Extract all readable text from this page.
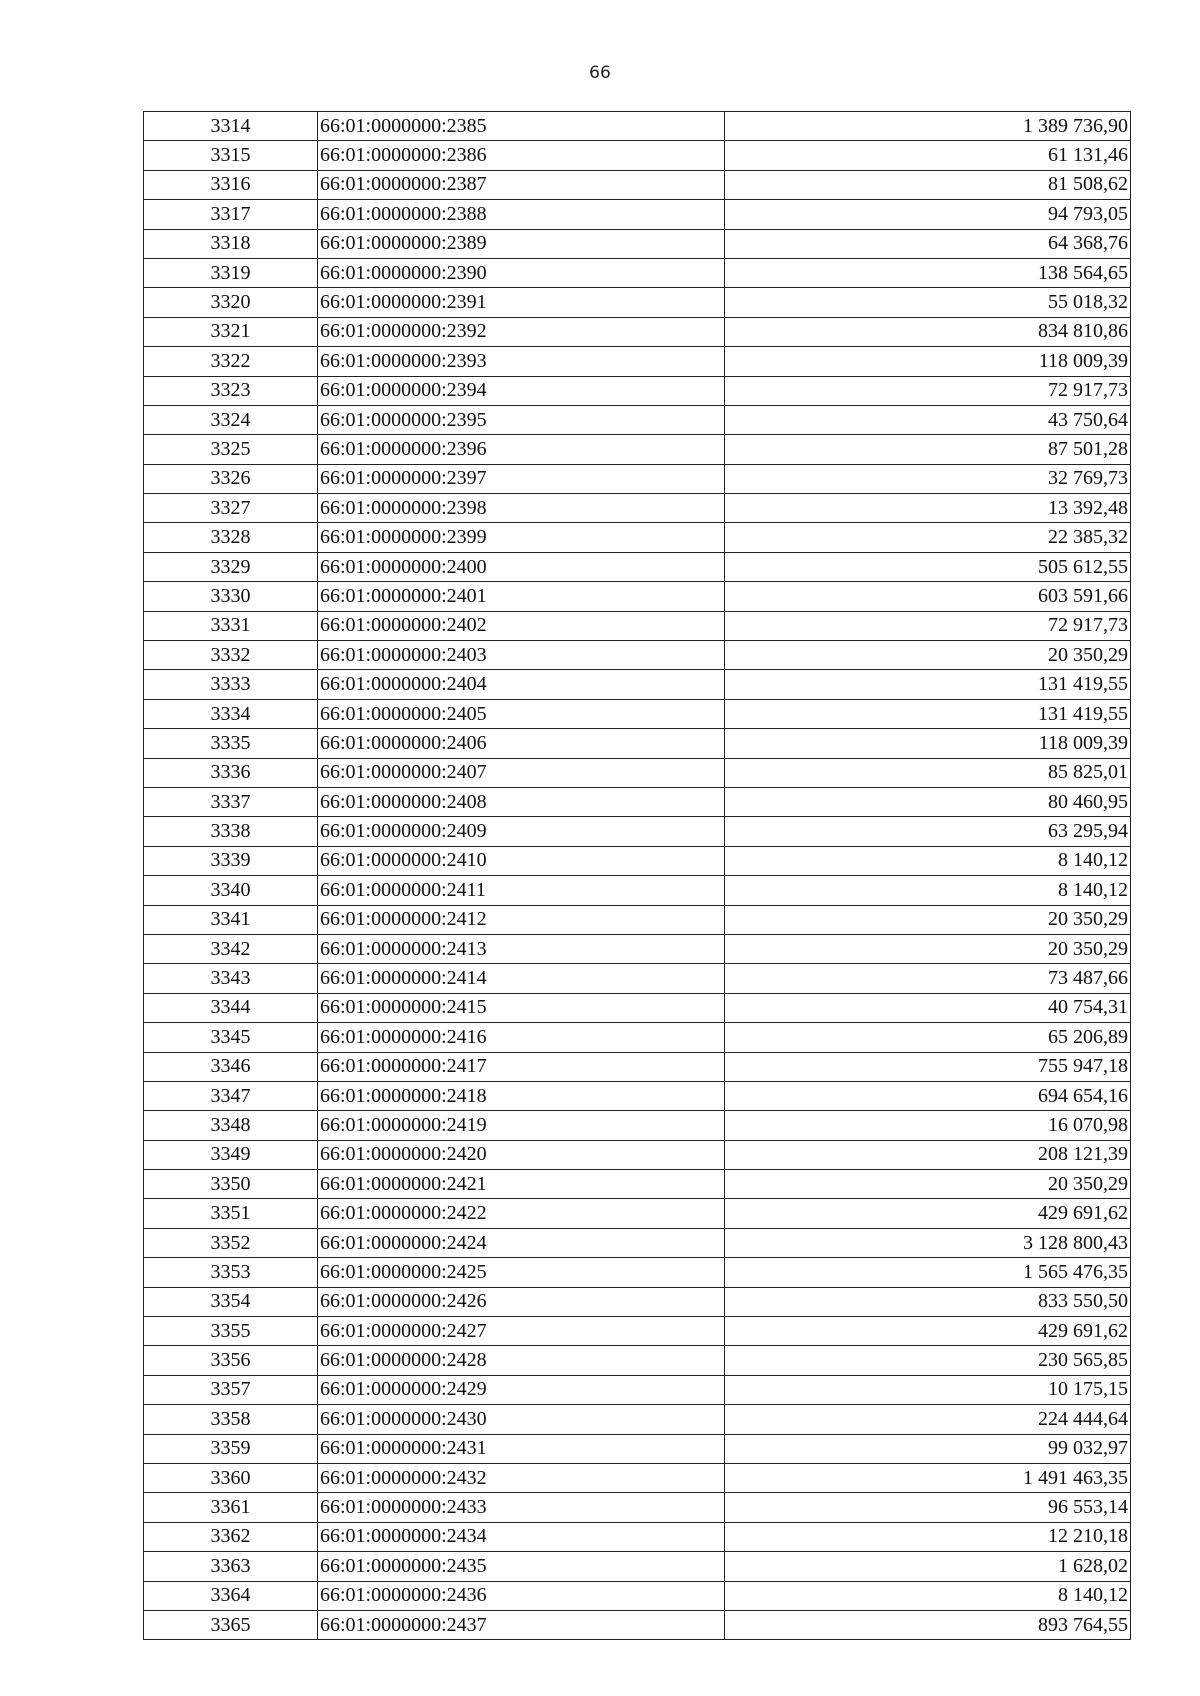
66
3314	66:01:0000000:2385	1 389 736,90
3315	66:01:0000000:2386	61 131,46
3316	66:01:0000000:2387	81 508,62
3317	66:01:0000000:2388	94 793,05
3318	66:01:0000000:2389	64 368,76
3319	66:01:0000000:2390	138 564,65
3320	66:01:0000000:2391	55 018,32
3321	66:01:0000000:2392	834 810,86
3322	66:01:0000000:2393	118 009,39
3323	66:01:0000000:2394	72 917,73
3324	66:01:0000000:2395	43 750,64
3325	66:01:0000000:2396	87 501,28
3326	66:01:0000000:2397	32 769,73
3327	66:01:0000000:2398	13 392,48
3328	66:01:0000000:2399	22 385,32
3329	66:01:0000000:2400	505 612,55
3330	66:01:0000000:2401	603 591,66
3331	66:01:0000000:2402	72 917,73
3332	66:01:0000000:2403	20 350,29
3333	66:01:0000000:2404	131 419,55
3334	66:01:0000000:2405	131 419,55
3335	66:01:0000000:2406	118 009,39
3336	66:01:0000000:2407	85 825,01
3337	66:01:0000000:2408	80 460,95
3338	66:01:0000000:2409	63 295,94
3339	66:01:0000000:2410	8 140,12
3340	66:01:0000000:2411	8 140,12
3341	66:01:0000000:2412	20 350,29
3342	66:01:0000000:2413	20 350,29
3343	66:01:0000000:2414	73 487,66
3344	66:01:0000000:2415	40 754,31
3345	66:01:0000000:2416	65 206,89
3346	66:01:0000000:2417	755 947,18
3347	66:01:0000000:2418	694 654,16
3348	66:01:0000000:2419	16 070,98
3349	66:01:0000000:2420	208 121,39
3350	66:01:0000000:2421	20 350,29
3351	66:01:0000000:2422	429 691,62
3352	66:01:0000000:2424	3 128 800,43
3353	66:01:0000000:2425	1 565 476,35
3354	66:01:0000000:2426	833 550,50
3355	66:01:0000000:2427	429 691,62
3356	66:01:0000000:2428	230 565,85
3357	66:01:0000000:2429	10 175,15
3358	66:01:0000000:2430	224 444,64
3359	66:01:0000000:2431	99 032,97
3360	66:01:0000000:2432	1 491 463,35
3361	66:01:0000000:2433	96 553,14
3362	66:01:0000000:2434	12 210,18
3363	66:01:0000000:2435	1 628,02
3364	66:01:0000000:2436	8 140,12
3365	66:01:0000000:2437	893 764,55
